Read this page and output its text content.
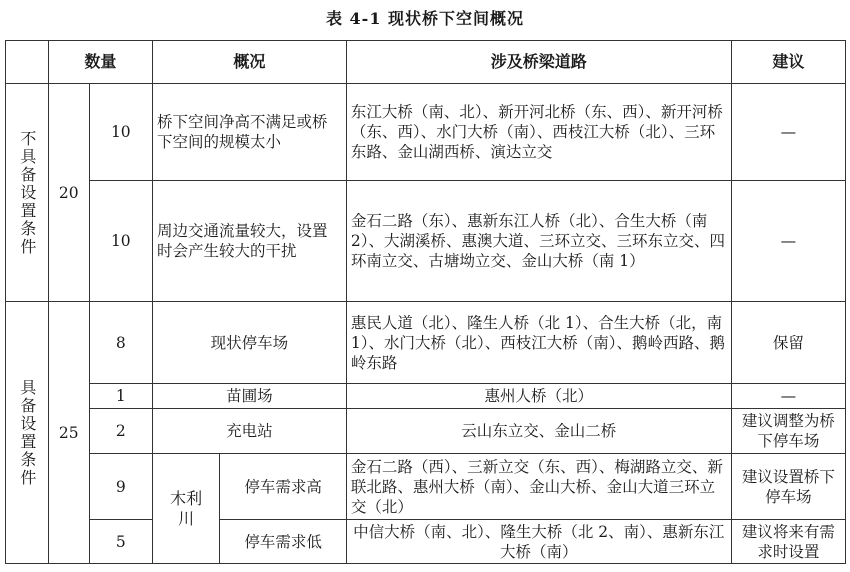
表 4-1 现状桥下空间概况
	数量		概况		涉及桥梁道路	建议

不具备设置条件	20	10	桥下空间净高不满足或桥下空间的规模太小		东江大桥（南、北）、新开河北桥（东、西）、新开河桥（东、西）、水门大桥（南）、西枝江大桥（北）、三环东路、金山湖西桥、演达立交	—
		10	周边交通流量较大，设置时会产生较大的干扰		金石二路（东）、惠新东江人桥（北）、合生大桥（南 2）、大湖溪桥、惠澳大道、三环立交、三环东立交、四环南立交、古塘坳立交、金山大桥（南 1）	—

具备设置条件	25	8	现状停车场		惠民人道（北）、隆生人桥（北 1）、合生大桥（北，南 1）、水门大桥（北）、西枝江大桥（南）、鹅岭西路、鹅岭东路	保留
		1	苗圃场		惠州人桥（北）	—
		2	充电站		云山东立交、金山二桥	建议调整为桥下停车场
		9	木利川	停车需求高	金石二路（西）、三新立交（东、西）、梅湖路立交、新联北路、惠州大桥（南）、金山大桥、金山大道三环立交（北）	建议设置桥下停车场
		5		停车需求低	中信大桥（南、北）、隆生大桥（北 2、南）、惠新东江大桥（南）	建议将来有需求时设置
